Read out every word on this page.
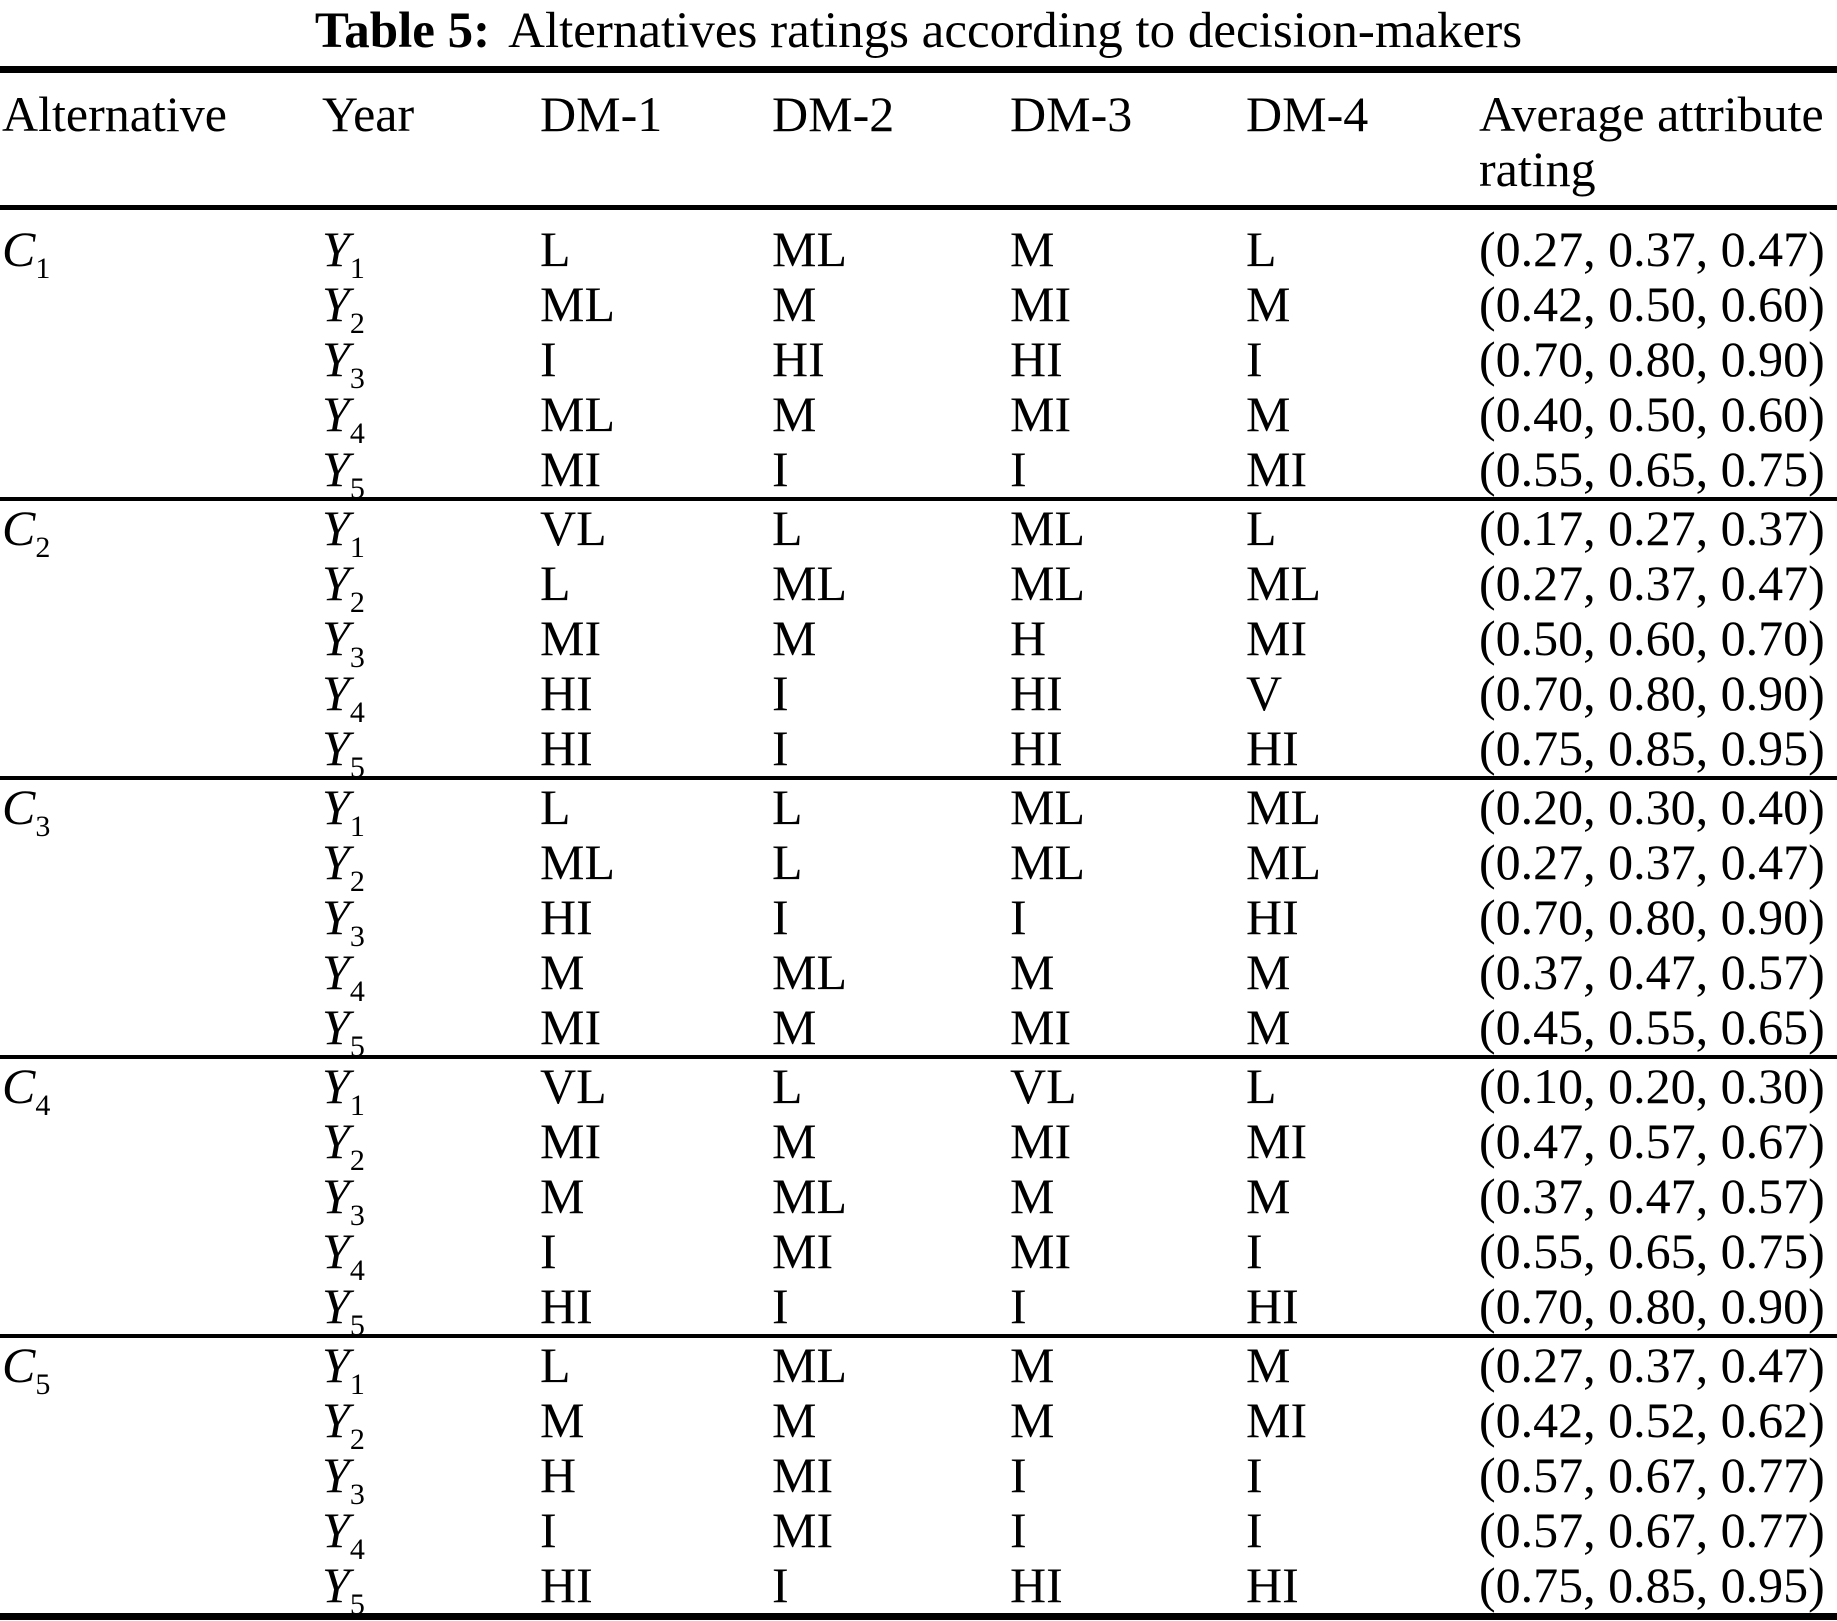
Table 5: Alternatives ratings according to decision-makers
Alternative	Year	DM-1	DM-2	DM-3	DM-4	Average attribute rating
$C_1$	$Y_1$	L	ML	M	L	(0.27, 0.37, 0.47)
	$Y_2$	ML	M	MI	M	(0.42, 0.50, 0.60)
	$Y_3$	I	HI	HI	I	(0.70, 0.80, 0.90)
	$Y_4$	ML	M	MI	M	(0.40, 0.50, 0.60)
	$Y_5$	MI	I	I	MI	(0.55, 0.65, 0.75)
$C_2$	$Y_1$	VL	L	ML	L	(0.17, 0.27, 0.37)
	$Y_2$	L	ML	ML	ML	(0.27, 0.37, 0.47)
	$Y_3$	MI	M	H	MI	(0.50, 0.60, 0.70)
	$Y_4$	HI	I	HI	V	(0.70, 0.80, 0.90)
	$Y_5$	HI	I	HI	HI	(0.75, 0.85, 0.95)
$C_3$	$Y_1$	L	L	ML	ML	(0.20, 0.30, 0.40)
	$Y_2$	ML	L	ML	ML	(0.27, 0.37, 0.47)
	$Y_3$	HI	I	I	HI	(0.70, 0.80, 0.90)
	$Y_4$	M	ML	M	M	(0.37, 0.47, 0.57)
	$Y_5$	MI	M	MI	M	(0.45, 0.55, 0.65)
$C_4$	$Y_1$	VL	L	VL	L	(0.10, 0.20, 0.30)
	$Y_2$	MI	M	MI	MI	(0.47, 0.57, 0.67)
	$Y_3$	M	ML	M	M	(0.37, 0.47, 0.57)
	$Y_4$	I	MI	MI	I	(0.55, 0.65, 0.75)
	$Y_5$	HI	I	I	HI	(0.70, 0.80, 0.90)
$C_5$	$Y_1$	L	ML	M	M	(0.27, 0.37, 0.47)
	$Y_2$	M	M	M	MI	(0.42, 0.52, 0.62)
	$Y_3$	H	MI	I	I	(0.57, 0.67, 0.77)
	$Y_4$	I	MI	I	I	(0.57, 0.67, 0.77)
	$Y_5$	HI	I	HI	HI	(0.75, 0.85, 0.95)
